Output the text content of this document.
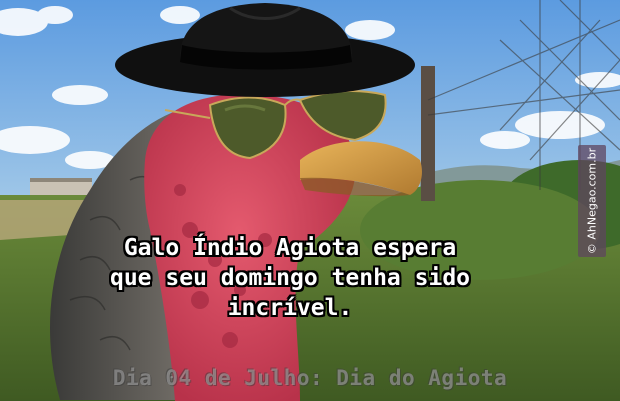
© AhNegao.com.br
Galo Índio Agiota espera
que seu domingo tenha sido
incrível.
Dia 04 de Julho: Dia do Agiota
